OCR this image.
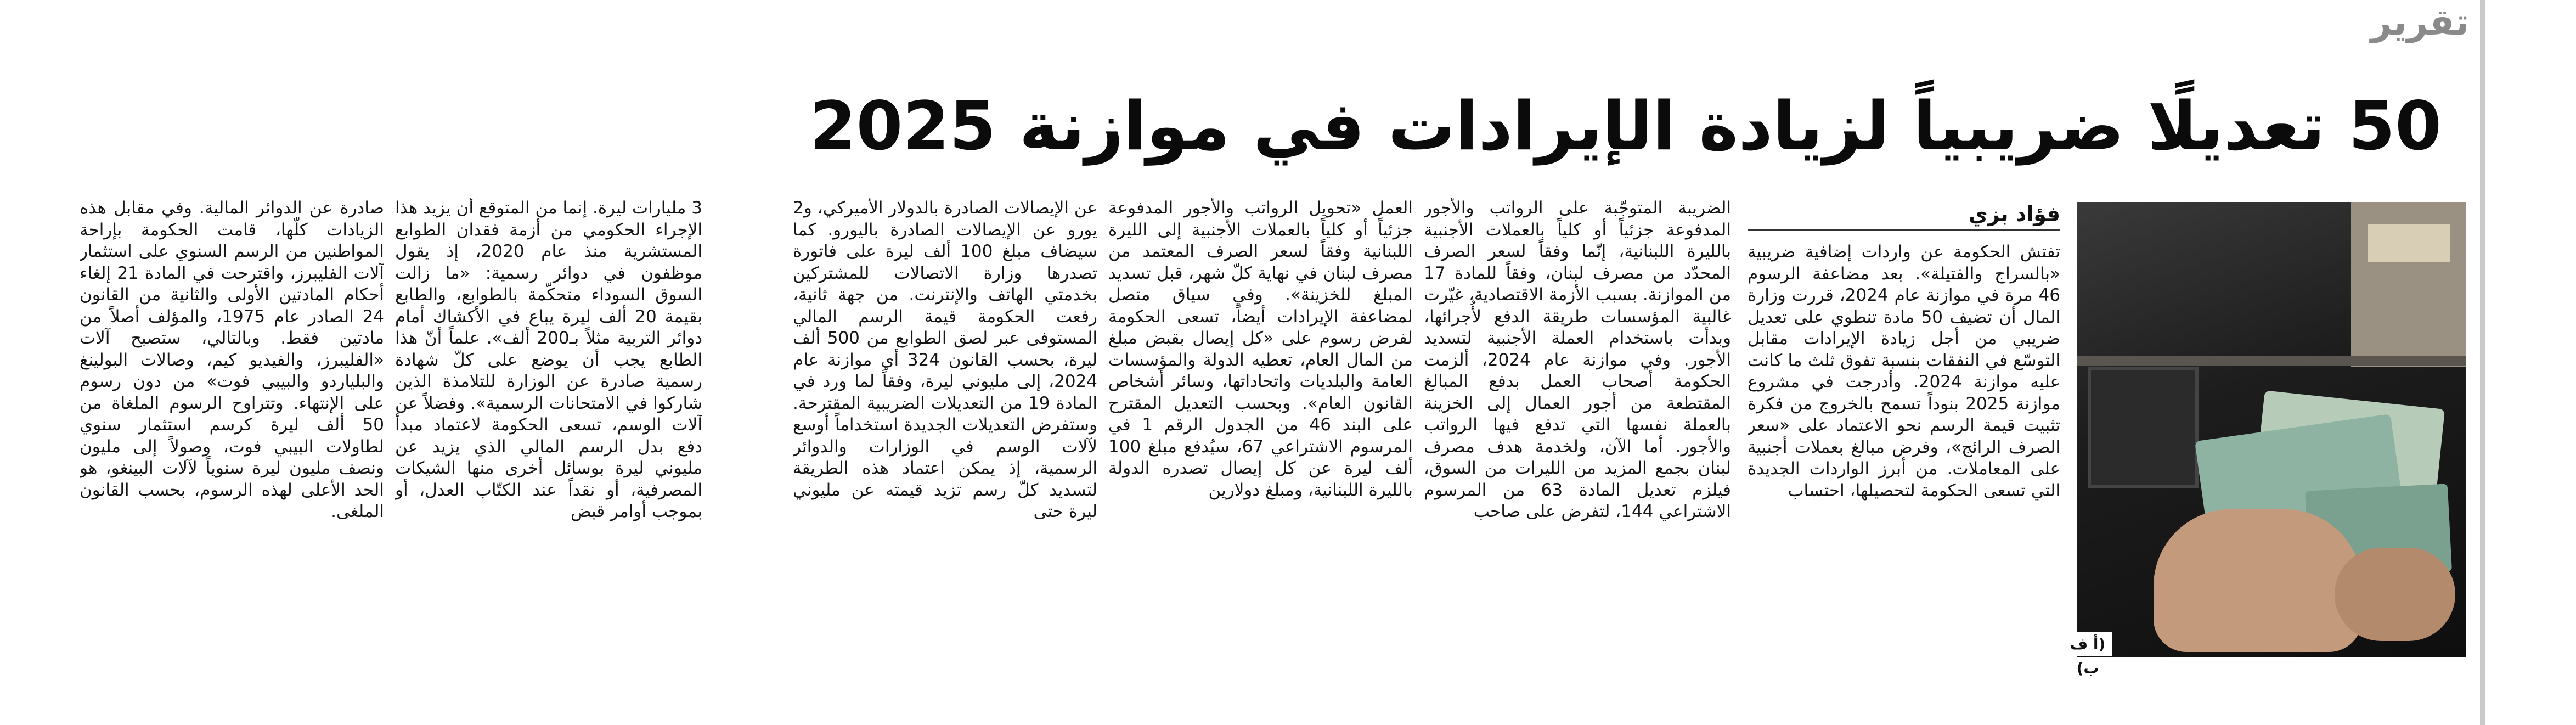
تقرير
50 تعديلًا ضريبياً لزيادة الإيرادات في موازنة 2025
(أ ف ب)
فؤاد بزي

تفتش الحكومة عن واردات إضافية ضريبية «بالسراج والفتيلة». بعد مضاعفة الرسوم 46 مرة في موازنة عام 2024، قررت وزارة المال أن تضيف 50 مادة تنطوي على تعديل ضريبي من أجل زيادة الإيرادات مقابل التوسّع في النفقات بنسبة تفوق ثلث ما كانت عليه موازنة 2024. وأدرجت في مشروع موازنة 2025 بنوداً تسمح بالخروج من فكرة تثبيت قيمة الرسم نحو الاعتماد على «سعر الصرف الرائج»، وفرض مبالغ بعملات أجنبية على المعاملات. من أبرز الواردات الجديدة التي تسعى الحكومة لتحصيلها، احتساب

الضريبة المتوجّبة على الرواتب والأجور المدفوعة جزئياً أو كلياً بالعملات الأجنبية بالليرة اللبنانية، إنّما وفقاً لسعر الصرف المحدّد من مصرف لبنان، وفقاً للمادة 17 من الموازنة. بسبب الأزمة الاقتصادية، غيّرت غالبية المؤسسات طريقة الدفع لأُجرائها، وبدأت باستخدام العملة الأجنبية لتسديد الأجور. وفي موازنة عام 2024، ألزمت الحكومة أصحاب العمل بدفع المبالغ المقتطعة من أجور العمال إلى الخزينة بالعملة نفسها التي تدفع فيها الرواتب والأجور. أما الآن، ولخدمة هدف مصرف لبنان بجمع المزيد من الليرات من السوق، فيلزم تعديل المادة 63 من المرسوم الاشتراعي 144، لتفرض على صاحب

العمل «تحويل الرواتب والأجور المدفوعة جزئياً أو كلياً بالعملات الأجنبية إلى الليرة اللبنانية وفقاً لسعر الصرف المعتمد من مصرف لبنان في نهاية كلّ شهر، قبل تسديد المبلغ للخزينة». وفي سياق متصل لمضاعفة الإيرادات أيضاً، تسعى الحكومة لفرض رسوم على «كل إيصال بقبض مبلغ من المال العام، تعطيه الدولة والمؤسسات العامة والبلديات واتحاداتها، وسائر أشخاص القانون العام». وبحسب التعديل المقترح على البند 46 من الجدول الرقم 1 في المرسوم الاشتراعي 67، سيُدفع مبلغ 100 ألف ليرة عن كل إيصال تصدره الدولة بالليرة اللبنانية، ومبلغ دولارين

عن الإيصالات الصادرة بالدولار الأميركي، و2 يورو عن الإيصالات الصادرة باليورو. كما سيضاف مبلغ 100 ألف ليرة على فاتورة تصدرها وزارة الاتصالات للمشتركين بخدمتي الهاتف والإنترنت. من جهة ثانية، رفعت الحكومة قيمة الرسم المالي المستوفى عبر لصق الطوابع من 500 ألف ليرة، بحسب القانون 324 أي موازنة عام 2024، إلى مليوني ليرة، وفقاً لما ورد في المادة 19 من التعديلات الضريبية المقترحة. وستفرض التعديلات الجديدة استخداماً أوسع لآلات الوسم في الوزارات والدوائر الرسمية، إذ يمكن اعتماد هذه الطريقة لتسديد كلّ رسم تزيد قيمته عن مليوني ليرة حتى

3 مليارات ليرة. إنما من المتوقع أن يزيد هذا الإجراء الحكومي من أزمة فقدان الطوابع المستشرية منذ عام 2020، إذ يقول موظفون في دوائر رسمية: «ما زالت السوق السوداء متحكّمة بالطوابع، والطابع بقيمة 20 ألف ليرة يباع في الأكشاك أمام دوائر التربية مثلاً بـ200 ألف». علماً أنّ هذا الطابع يجب أن يوضع على كلّ شهادة رسمية صادرة عن الوزارة للتلامذة الذين شاركوا في الامتحانات الرسمية». وفضلاً عن آلات الوسم، تسعى الحكومة لاعتماد مبدأ دفع بدل الرسم المالي الذي يزيد عن مليوني ليرة بوسائل أخرى منها الشيكات المصرفية، أو نقداً عند الكتّاب العدل، أو بموجب أوامر قبض

صادرة عن الدوائر المالية. وفي مقابل هذه الزيادات كلّها، قامت الحكومة بإراحة المواطنين من الرسم السنوي على استثمار آلات الفليبرز، واقترحت في المادة 21 إلغاء أحكام المادتين الأولى والثانية من القانون 24 الصادر عام 1975، والمؤلف أصلاً من مادتين فقط. وبالتالي، ستصبح آلات «الفليبرز، والفيديو كيم، وصالات البولينغ والبلياردو والبيبي فوت» من دون رسوم على الإنتهاء. وتتراوح الرسوم الملغاة من 50 ألف ليرة كرسم استثمار سنوي لطاولات البيبي فوت، وصولاً إلى مليون ونصف مليون ليرة سنوياً لآلات البينغو، هو الحد الأعلى لهذه الرسوم، بحسب القانون الملغى.
